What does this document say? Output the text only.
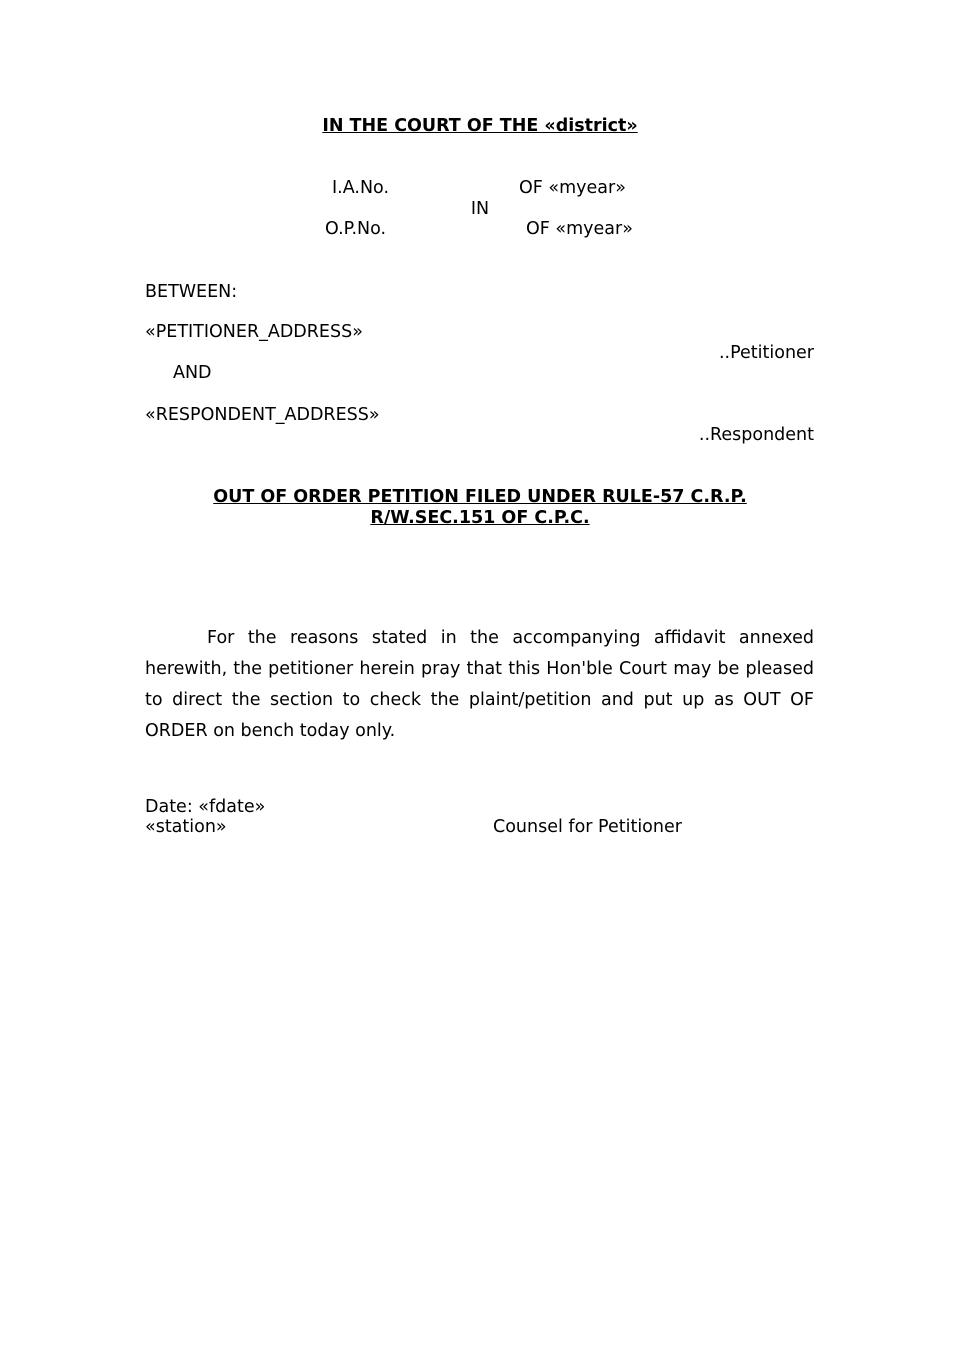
IN THE COURT OF THE «district»
I.A.No.	OF «myear»
IN
O.P.No.	OF «myear»
BETWEEN:
«PETITIONER_ADDRESS»
..Petitioner
AND
«RESPONDENT_ADDRESS»
..Respondent
OUT OF ORDER PETITION FILED UNDER RULE-57 C.R.P.
R/W.SEC.151 OF C.P.C.

For the reasons stated in the accompanying affidavit annexed herewith, the petitioner herein pray that this Hon'ble Court may be pleased to direct the section to check the plaint/petition and put up as OUT OF ORDER on bench today only.

Date: «fdate»
«station»	Counsel for Petitioner
